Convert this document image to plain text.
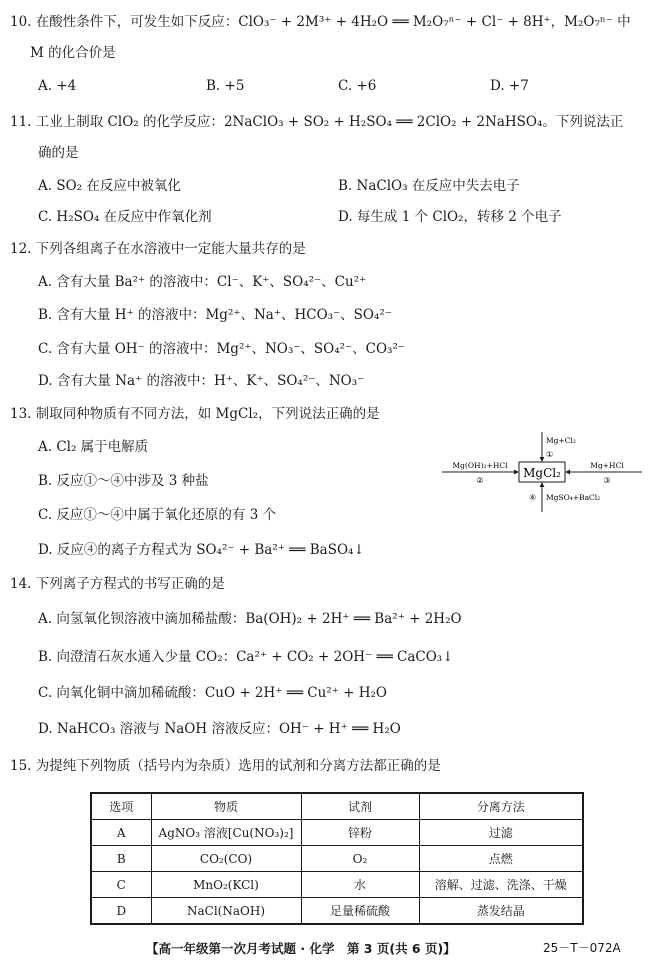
10. 在酸性条件下，可发生如下反应：ClO₃⁻ + 2M³⁺ + 4H₂O ══ M₂O₇ⁿ⁻ + Cl⁻ + 8H⁺，M₂O₇ⁿ⁻ 中
M 的化合价是
A. +4	B. +5	C. +6	D. +7
11. 工业上制取 ClO₂ 的化学反应：2NaClO₃ + SO₂ + H₂SO₄ ══ 2ClO₂ + 2NaHSO₄。下列说法正
确的是
A. SO₂ 在反应中被氧化	B. NaClO₃ 在反应中失去电子
C. H₂SO₄ 在反应中作氧化剂	D. 每生成 1 个 ClO₂，转移 2 个电子
12. 下列各组离子在水溶液中一定能大量共存的是
A. 含有大量 Ba²⁺ 的溶液中：Cl⁻、K⁺、SO₄²⁻、Cu²⁺
B. 含有大量 H⁺ 的溶液中：Mg²⁺、Na⁺、HCO₃⁻、SO₄²⁻
C. 含有大量 OH⁻ 的溶液中：Mg²⁺、NO₃⁻、SO₄²⁻、CO₃²⁻
D. 含有大量 Na⁺ 的溶液中：H⁺、K⁺、SO₄²⁻、NO₃⁻
13. 制取同种物质有不同方法，如 MgCl₂，下列说法正确的是
A. Cl₂ 属于电解质
B. 反应①～④中涉及 3 种盐
C. 反应①～④中属于氧化还原的有 3 个
D. 反应④的离子方程式为 SO₄²⁻ + Ba²⁺ ══ BaSO₄↓
MgCl₂
Mg+Cl₂
①
Mg(OH)₂+HCl
②
Mg+HCl
③
MgSO₄+BaCl₂
④
14. 下列离子方程式的书写正确的是
A. 向氢氧化钡溶液中滴加稀盐酸：Ba(OH)₂ + 2H⁺ ══ Ba²⁺ + 2H₂O
B. 向澄清石灰水通入少量 CO₂：Ca²⁺ + CO₂ + 2OH⁻ ══ CaCO₃↓
C. 向氧化铜中滴加稀硫酸：CuO + 2H⁺ ══ Cu²⁺ + H₂O
D. NaHCO₃ 溶液与 NaOH 溶液反应：OH⁻ + H⁺ ══ H₂O
15. 为提纯下列物质（括号内为杂质）选用的试剂和分离方法都正确的是
选项	物质	试剂	分离方法
A	AgNO₃ 溶液[Cu(NO₃)₂]	锌粉	过滤
B	CO₂(CO)	O₂	点燃
C	MnO₂(KCl)	水	溶解、过滤、洗涤、干燥
D	NaCl(NaOH)	足量稀硫酸	蒸发结晶
【高一年级第一次月考试题 · 化学　第 3 页(共 6 页)】	25－T－072A
